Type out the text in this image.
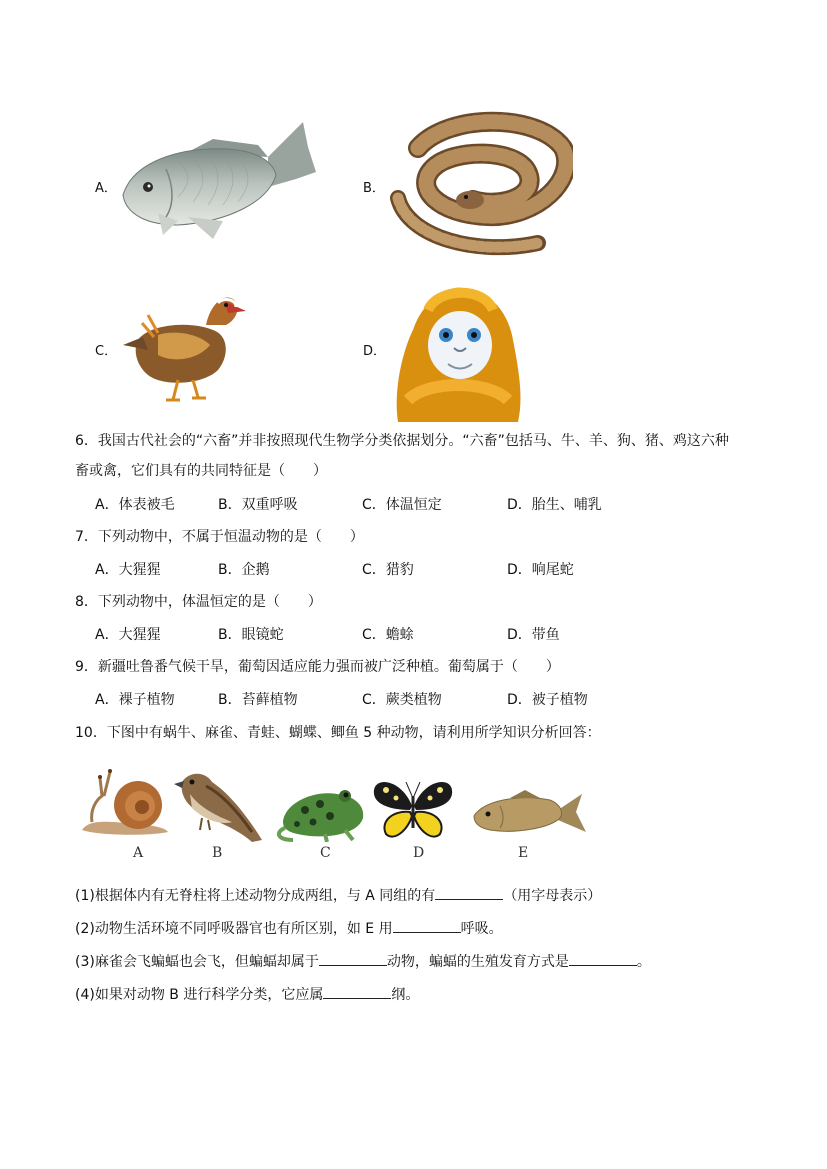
A．	B．
C．	D．
6．我国古代社会的“六畜”并非按照现代生物学分类依据划分。“六畜”包括马、牛、羊、狗、猪、鸡这六种
畜或禽，它们具有的共同特征是（　　）
A．体表被毛	B．双重呼吸	C．体温恒定	D．胎生、哺乳
7．下列动物中，不属于恒温动物的是（　　）
A．大猩猩	B．企鹅	C．猎豹	D．响尾蛇
8．下列动物中，体温恒定的是（　　）
A．大猩猩	B．眼镜蛇	C．蟾蜍	D．带鱼
9．新疆吐鲁番气候干旱，葡萄因适应能力强而被广泛种植。葡萄属于（　　）
A．裸子植物	B．苔藓植物	C．蕨类植物	D．被子植物
10．下图中有蜗牛、麻雀、青蛙、蝴蝶、鲫鱼 5 种动物，请利用所学知识分析回答：
A	B	C	D	E
(1)根据体内有无脊柱将上述动物分成两组，与 A 同组的有	（用字母表示）
(2)动物生活环境不同呼吸器官也有所区别，如 E 用	呼吸。
(3)麻雀会飞蝙蝠也会飞，但蝙蝠却属于	动物，蝙蝠的生殖发育方式是	。
(4)如果对动物 B 进行科学分类，它应属	纲。
